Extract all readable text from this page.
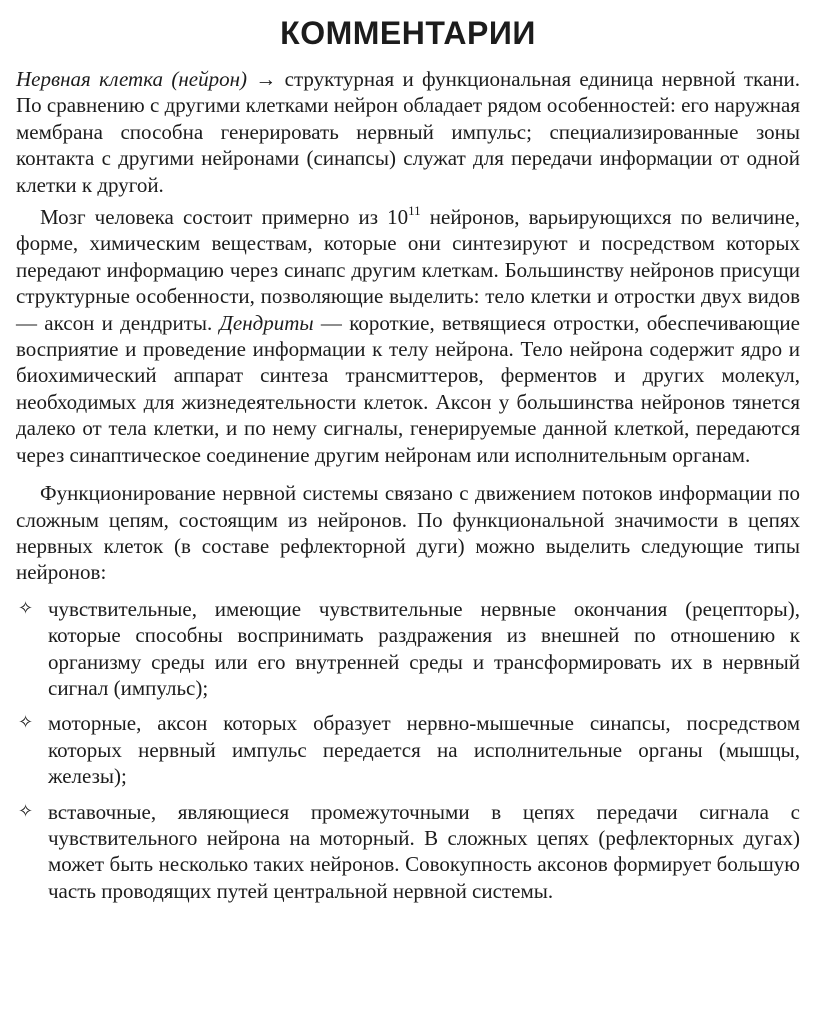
КОММЕНТАРИИ

Нервная клетка (нейрон) → структурная и функциональная единица нервной ткани. По сравнению с другими клетками нейрон обладает рядом особенностей: его наружная мембрана способна генерировать нервный импульс; специализированные зоны контакта с другими нейронами (синапсы) служат для передачи информации от одной клетки к другой.

Мозг человека состоит примерно из $10^{11}$ нейронов, варьирующихся по величине, форме, химическим веществам, которые они синтезируют и посредством которых передают информацию через синапс другим клеткам. Большинству нейронов присущи структурные особенности, позволяющие выделить: тело клетки и отростки двух видов — аксон и дендриты. Дендриты — короткие, ветвящиеся отростки, обеспечивающие восприятие и проведение информации к телу нейрона. Тело нейрона содержит ядро и биохимический аппарат синтеза трансмиттеров, ферментов и других молекул, необходимых для жизнедеятельности клеток. Аксон у большинства нейронов тянется далеко от тела клетки, и по нему сигналы, генерируемые данной клеткой, передаются через синаптическое соединение другим нейронам или исполнительным органам.

Функционирование нервной системы связано с движением потоков информации по сложным цепям, состоящим из нейронов. По функциональной значимости в цепях нервных клеток (в составе рефлекторной дуги) можно выделить следующие типы нейронов:

✧ чувствительные, имеющие чувствительные нервные окончания (рецепторы), которые способны воспринимать раздражения из внешней по отношению к организму среды или его внутренней среды и трансформировать их в нервный сигнал (импульс);
✧ моторные, аксон которых образует нервно-мышечные синапсы, посредством которых нервный импульс передается на исполнительные органы (мышцы, железы);
✧ вставочные, являющиеся промежуточными в цепях передачи сигнала с чувствительного нейрона на моторный. В сложных цепях (рефлекторных дугах) может быть несколько таких нейронов. Совокупность аксонов формирует большую часть проводящих путей центральной нервной системы.
